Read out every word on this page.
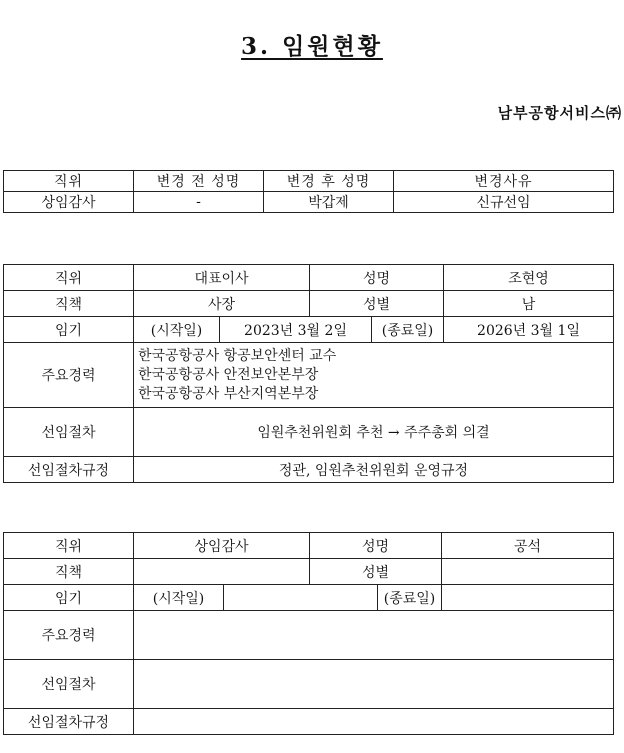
3. 임원현황
남부공항서비스㈜
직위	변경 전 성명	변경 후 성명	변경사유
상임감사	-	박갑제	신규선임
직위	대표이사		성명		조현영
직책	사장		성별		남
임기	(시작일)	2023년 3월 2일		(종료일)	2026년 3월 1일
주요경력	한국공항공사 항공보안센터 교수
한국공항공사 안전보안본부장
한국공항공사 부산지역본부장				

선임절차	임원추천위원회 추천 → 주주총회 의결				
선임절차규정	정관, 임원추천위원회 운영규정				
직위	상임감사		성명		공석
직책			성별		
임기	(시작일)			(종료일)	
주요경력					
선임절차					
선임절차규정					
